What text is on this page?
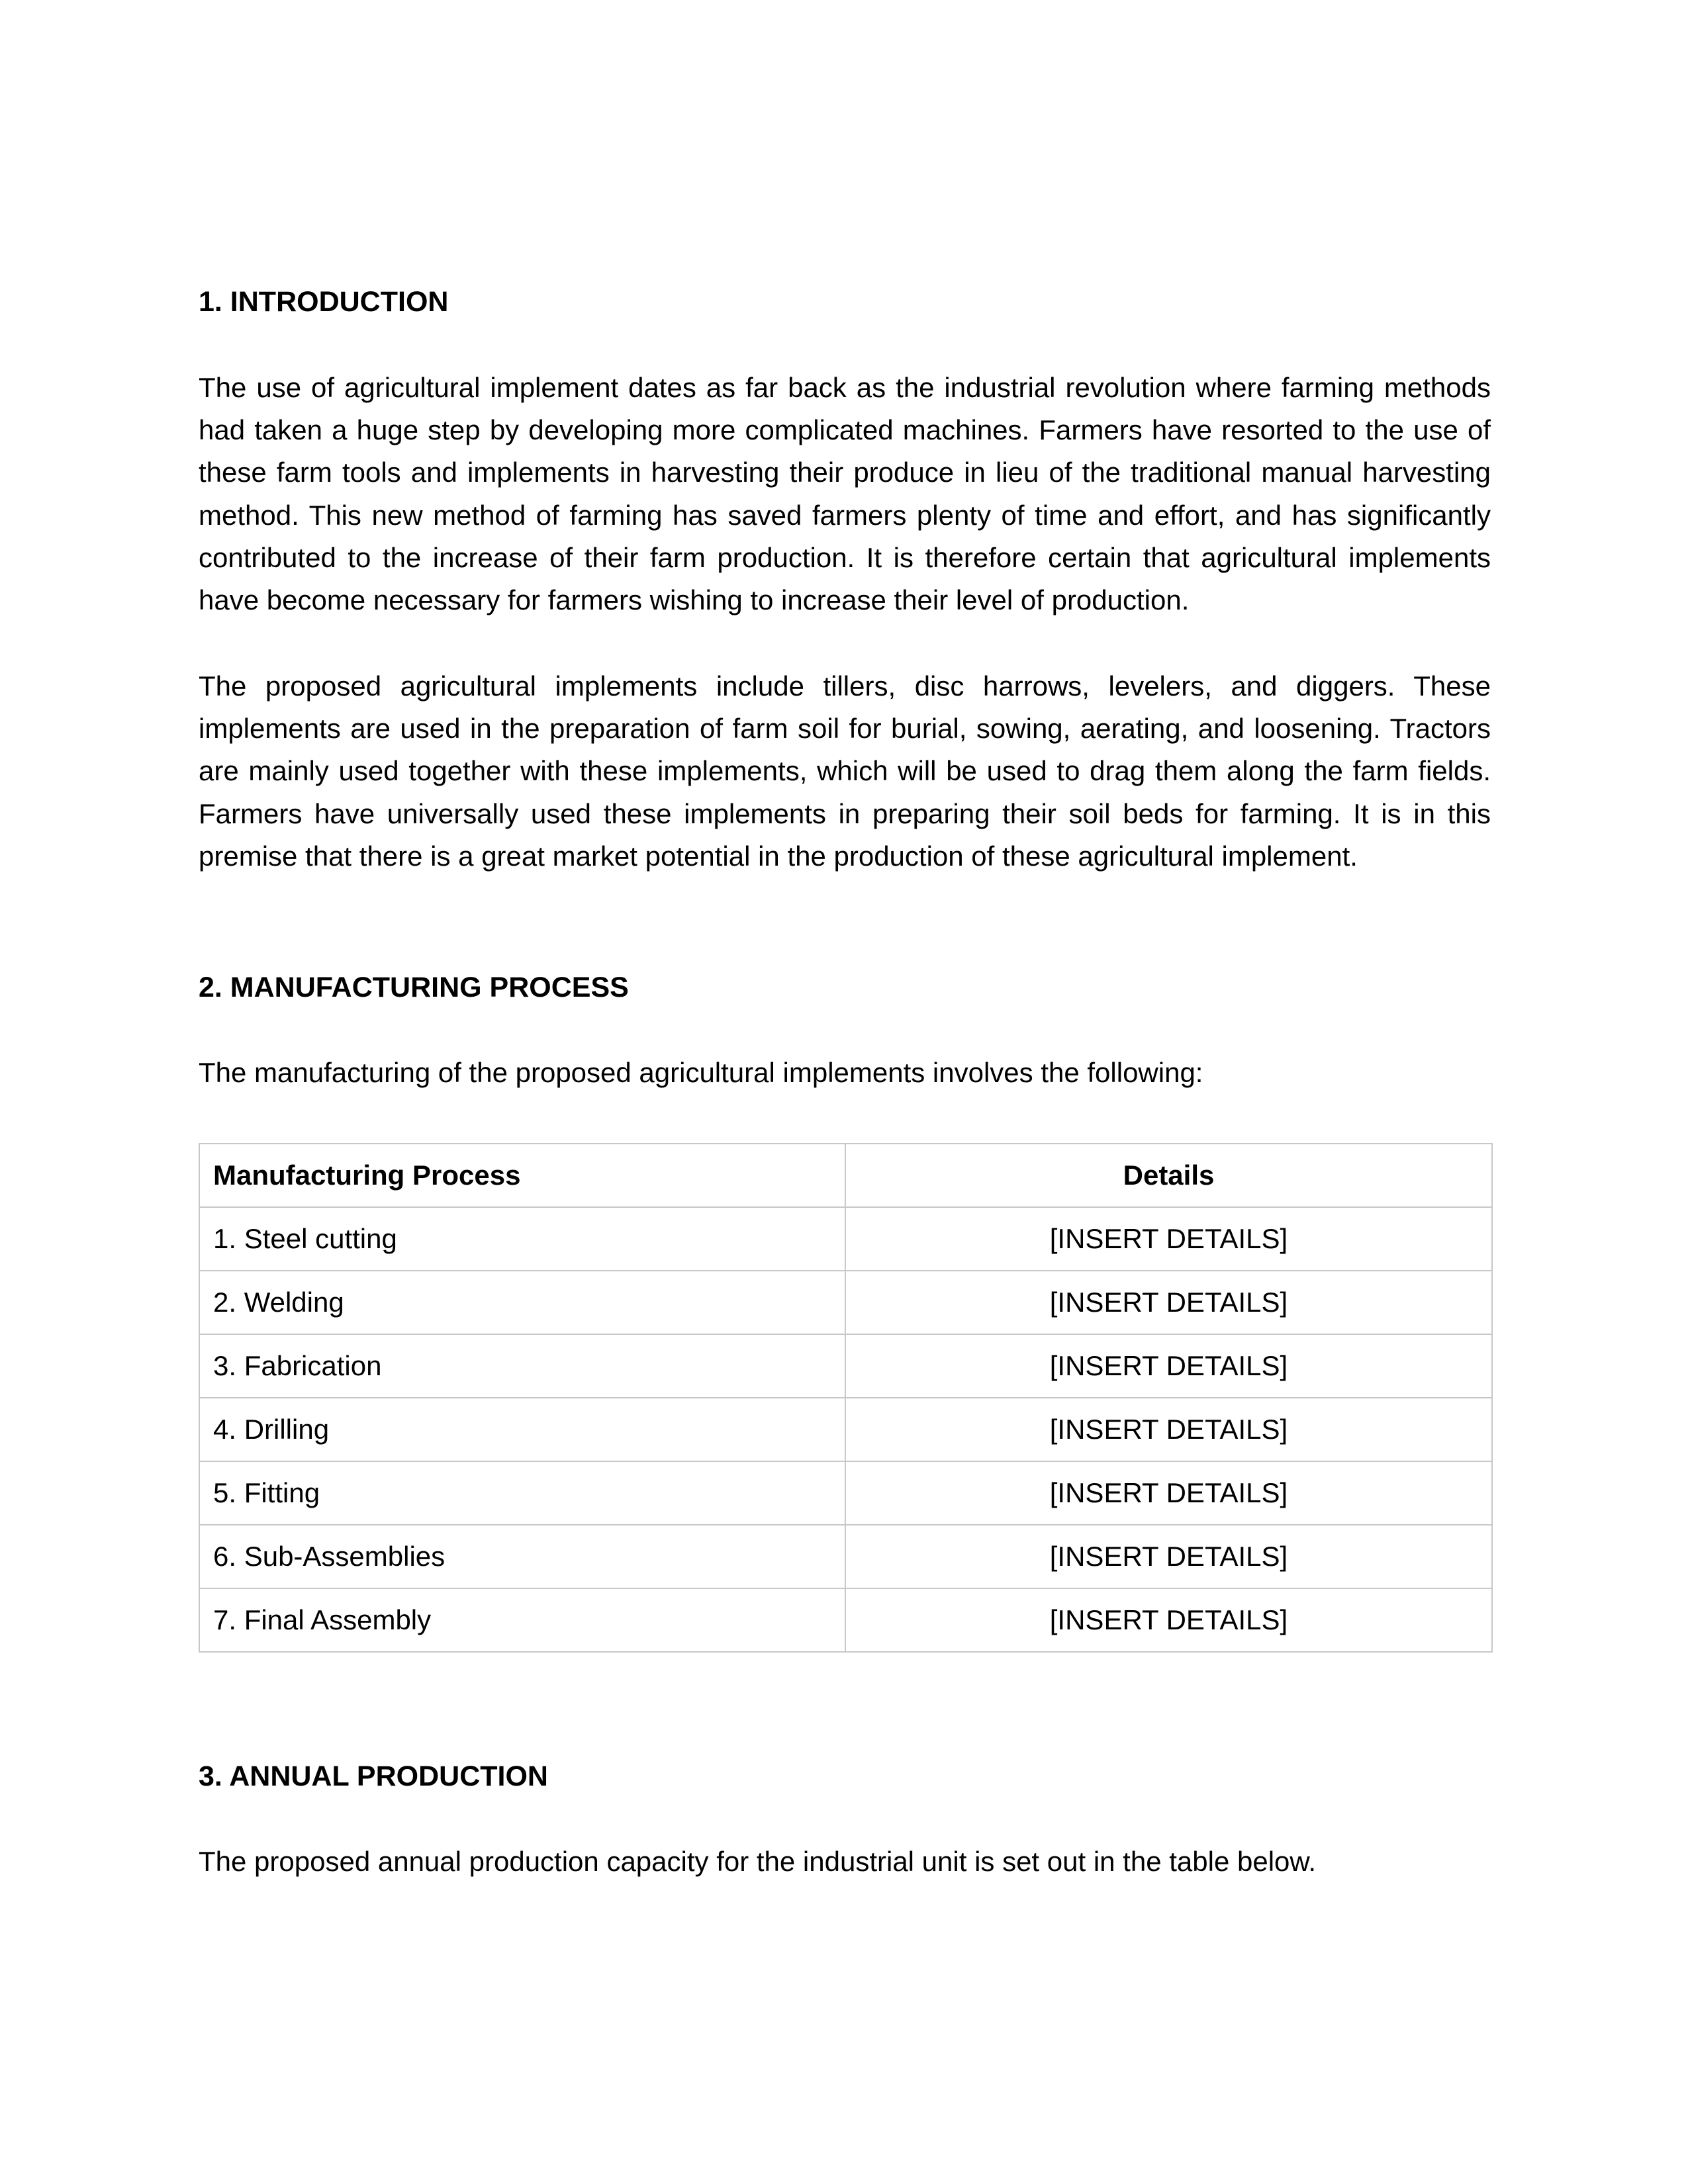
1. INTRODUCTION

The use of agricultural implement dates as far back as the industrial revolution where farming methods had taken a huge step by developing more complicated machines. Farmers have resorted to the use of these farm tools and implements in harvesting their produce in lieu of the traditional manual harvesting method. This new method of farming has saved farmers plenty of time and effort, and has significantly contributed to the increase of their farm production. It is therefore certain that agricultural implements have become necessary for farmers wishing to increase their level of production.

The proposed agricultural implements include tillers, disc harrows, levelers, and diggers. These implements are used in the preparation of farm soil for burial, sowing, aerating, and loosening. Tractors are mainly used together with these implements, which will be used to drag them along the farm fields. Farmers have universally used these implements in preparing their soil beds for farming. It is in this premise that there is a great market potential in the production of these agricultural implement.

2. MANUFACTURING PROCESS

The manufacturing of the proposed agricultural implements involves the following:

Manufacturing Process	Details
1. Steel cutting	[INSERT DETAILS]
2. Welding	[INSERT DETAILS]
3. Fabrication	[INSERT DETAILS]
4. Drilling	[INSERT DETAILS]
5. Fitting	[INSERT DETAILS]
6. Sub-Assemblies	[INSERT DETAILS]
7. Final Assembly	[INSERT DETAILS]
3. ANNUAL PRODUCTION

The proposed annual production capacity for the industrial unit is set out in the table below.
